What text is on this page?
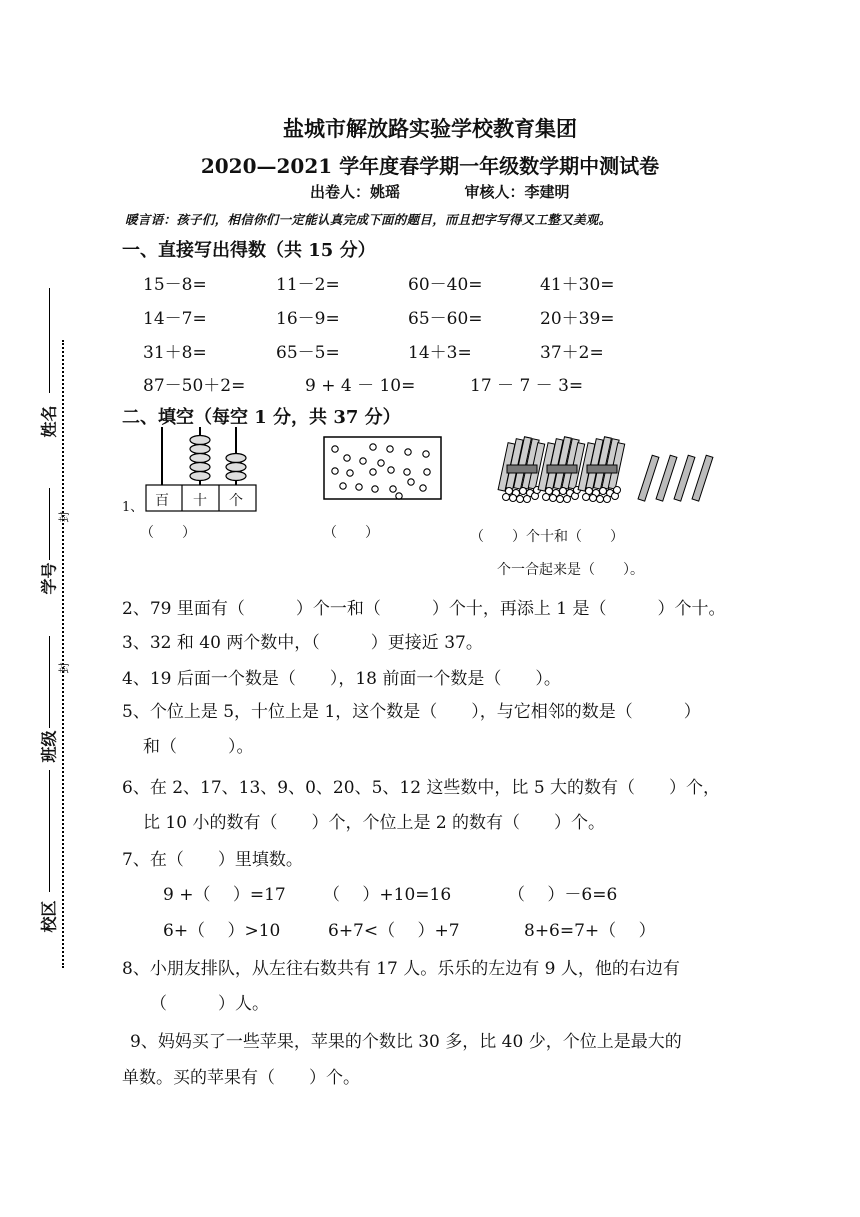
盐城市解放路实验学校教育集团
2020—2021 学年度春学期一年级数学期中测试卷
出卷人：姚瑶	审核人：李建明
暖言语：孩子们，相信你们一定能认真完成下面的题目，而且把字写得又工整又美观。
姓名
学号
班级
校区
封
封
一、直接写出得数（共 15 分）
15－8=	11－2=	60－40=	41＋30=
14－7=	16－9=	65－60=	20＋39=
31＋8=	65－5=	14＋3=	37＋2=
87－50＋2=	9 + 4 － 10=	17 － 7 － 3=
二、填空（每空 1 分，共 37 分）
百 十 个
1、
（　　）	（　　）	（　　）个十和（　　）
个一合起来是（　　）。
2、79 里面有（　　　）个一和（　　　）个十，再添上 1 是（　　　）个十。
3、32 和 40 两个数中，（　　　）更接近 37。
4、19 后面一个数是（　　），18 前面一个数是（　　）。
5、个位上是 5，十位上是 1，这个数是（　　），与它相邻的数是（　　　）
和（　　　）。
6、在 2、17、13、9、0、20、5、12 这些数中，比 5 大的数有（　　）个，
比 10 小的数有（　　）个，个位上是 2 的数有（　　）个。
7、在（　　）里填数。
9 +（　 ）=17 （　 ）+10=16	（　 ）－6=6
6+（　 ）>10	6+7<（　 ）+7	8+6=7+（　 ）
8、小朋友排队，从左往右数共有 17 人。乐乐的左边有 9 人，他的右边有
（　　　）人。
9、妈妈买了一些苹果，苹果的个数比 30 多，比 40 少，个位上是最大的
单数。买的苹果有（　　）个。
